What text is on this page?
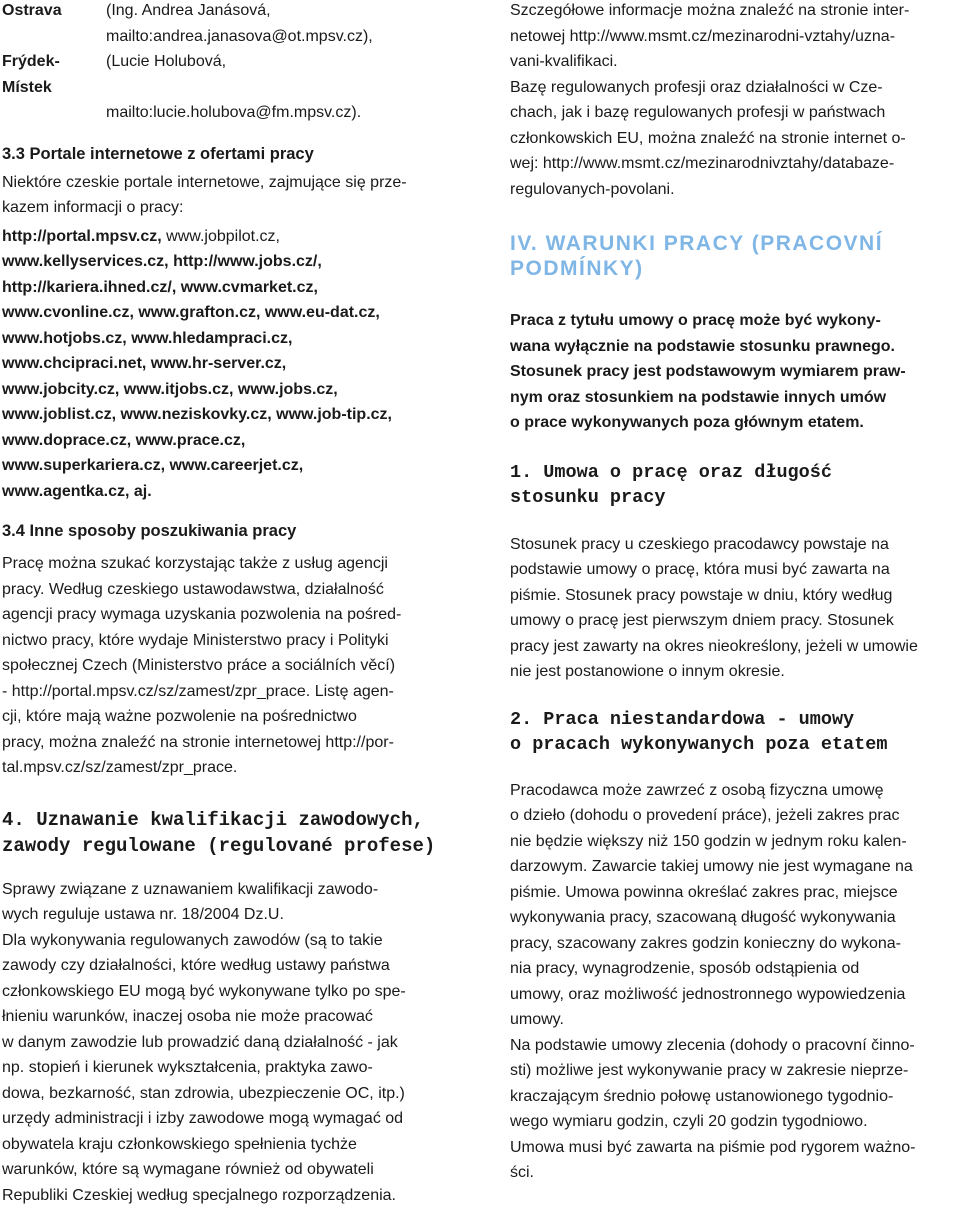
Ostrava	(Ing. Andrea Janásová,
mailto:andrea.janasova@ot.mpsv.cz),
Frýdek-Místek
(Lucie Holubová,
mailto:lucie.holubova@fm.mpsv.cz).
3.3 Portale internetowe z ofertami pracy

Niektóre czeskie portale internetowe, zajmujące się prze-

kazem informacji o pracy:

http://portal.mpsv.cz, www.jobpilot.cz,

www.kellyservices.cz, http://www.jobs.cz/,

http://kariera.ihned.cz/, www.cvmarket.cz,

www.cvonline.cz, www.grafton.cz, www.eu-dat.cz,

www.hotjobs.cz, www.hledampraci.cz,

www.chcipraci.net, www.hr-server.cz,

www.jobcity.cz, www.itjobs.cz, www.jobs.cz,

www.joblist.cz, www.neziskovky.cz, www.job-tip.cz,

www.doprace.cz, www.prace.cz,

www.superkariera.cz, www.careerjet.cz,

www.agentka.cz, aj.

3.4 Inne sposoby poszukiwania pracy

Pracę można szukać korzystając także z usług agencji

pracy. Według czeskiego ustawodawstwa, działalność

agencji pracy wymaga uzyskania pozwolenia na pośred-

nictwo pracy, które wydaje Ministerstwo pracy i Polityki

społecznej Czech (Ministerstvo práce a sociálních věcí)

- http://portal.mpsv.cz/sz/zamest/zpr_prace. Listę agen-

cji, które mają ważne pozwolenie na pośrednictwo

pracy, można znaleźć na stronie internetowej http://por-

tal.mpsv.cz/sz/zamest/zpr_prace.

4. Uznawanie kwalifikacji zawodowych,
zawody regulowane (regulované profese)

Sprawy związane z uznawaniem kwalifikacji zawodo-

wych reguluje ustawa nr. 18/2004 Dz.U.

Dla wykonywania regulowanych zawodów (są to takie

zawody czy działalności, które według ustawy państwa

członkowskiego EU mogą być wykonywane tylko po spe-

łnieniu warunków, inaczej osoba nie może pracować

w danym zawodzie lub prowadzić daną działalność - jak

np. stopień i kierunek wykształcenia, praktyka zawo-

dowa, bezkarność, stan zdrowia, ubezpieczenie OC, itp.)

urzędy administracji i izby zawodowe mogą wymagać od

obywatela kraju członkowskiego spełnienia tychże

warunków, które są wymagane również od obywateli

Republiki Czeskiej według specjalnego rozporządzenia.

Szczegółowe informacje można znaleźć na stronie inter-

netowej http://www.msmt.cz/mezinarodni-vztahy/uzna-

vani-kvalifikaci.

Bazę regulowanych profesji oraz działalności w Cze-

chach, jak i bazę regulowanych profesji w państwach

członkowskich EU, można znaleźć na stronie internet o-

wej: http://www.msmt.cz/mezinarodnivztahy/databaze-

regulovanych-povolani.

IV. WARUNKI PRACY (PRACOVNÍ
PODMÍNKY)

Praca z tytułu umowy o pracę może być wykony-

wana wyłącznie na podstawie stosunku prawnego.

Stosunek pracy jest podstawowym wymiarem praw-

nym oraz stosunkiem na podstawie innych umów

o prace wykonywanych poza głównym etatem.

1. Umowa o pracę oraz długość
stosunku pracy

Stosunek pracy u czeskiego pracodawcy powstaje na

podstawie umowy o pracę, która musi być zawarta na

piśmie. Stosunek pracy powstaje w dniu, który według

umowy o pracę jest pierwszym dniem pracy. Stosunek

pracy jest zawarty na okres nieokreślony, jeżeli w umowie

nie jest postanowione o innym okresie.

2. Praca niestandardowa - umowy
o pracach wykonywanych poza etatem

Pracodawca może zawrzeć z osobą fizyczna umowę

o dzieło (dohodu o provedení práce), jeżeli zakres prac

nie będzie większy niż 150 godzin w jednym roku kalen-

darzowym. Zawarcie takiej umowy nie jest wymagane na

piśmie. Umowa powinna określać zakres prac, miejsce

wykonywania pracy, szacowaną długość wykonywania

pracy, szacowany zakres godzin konieczny do wykona-

nia pracy, wynagrodzenie, sposób odstąpienia od

umowy, oraz możliwość jednostronnego wypowiedzenia

umowy.

Na podstawie umowy zlecenia (dohody o pracovní činno-

sti) możliwe jest wykonywanie pracy w zakresie nieprze-

kraczającym średnio połowę ustanowionego tygodnio-

wego wymiaru godzin, czyli 20 godzin tygodniowo.

Umowa musi być zawarta na piśmie pod rygorem ważno-

ści.
